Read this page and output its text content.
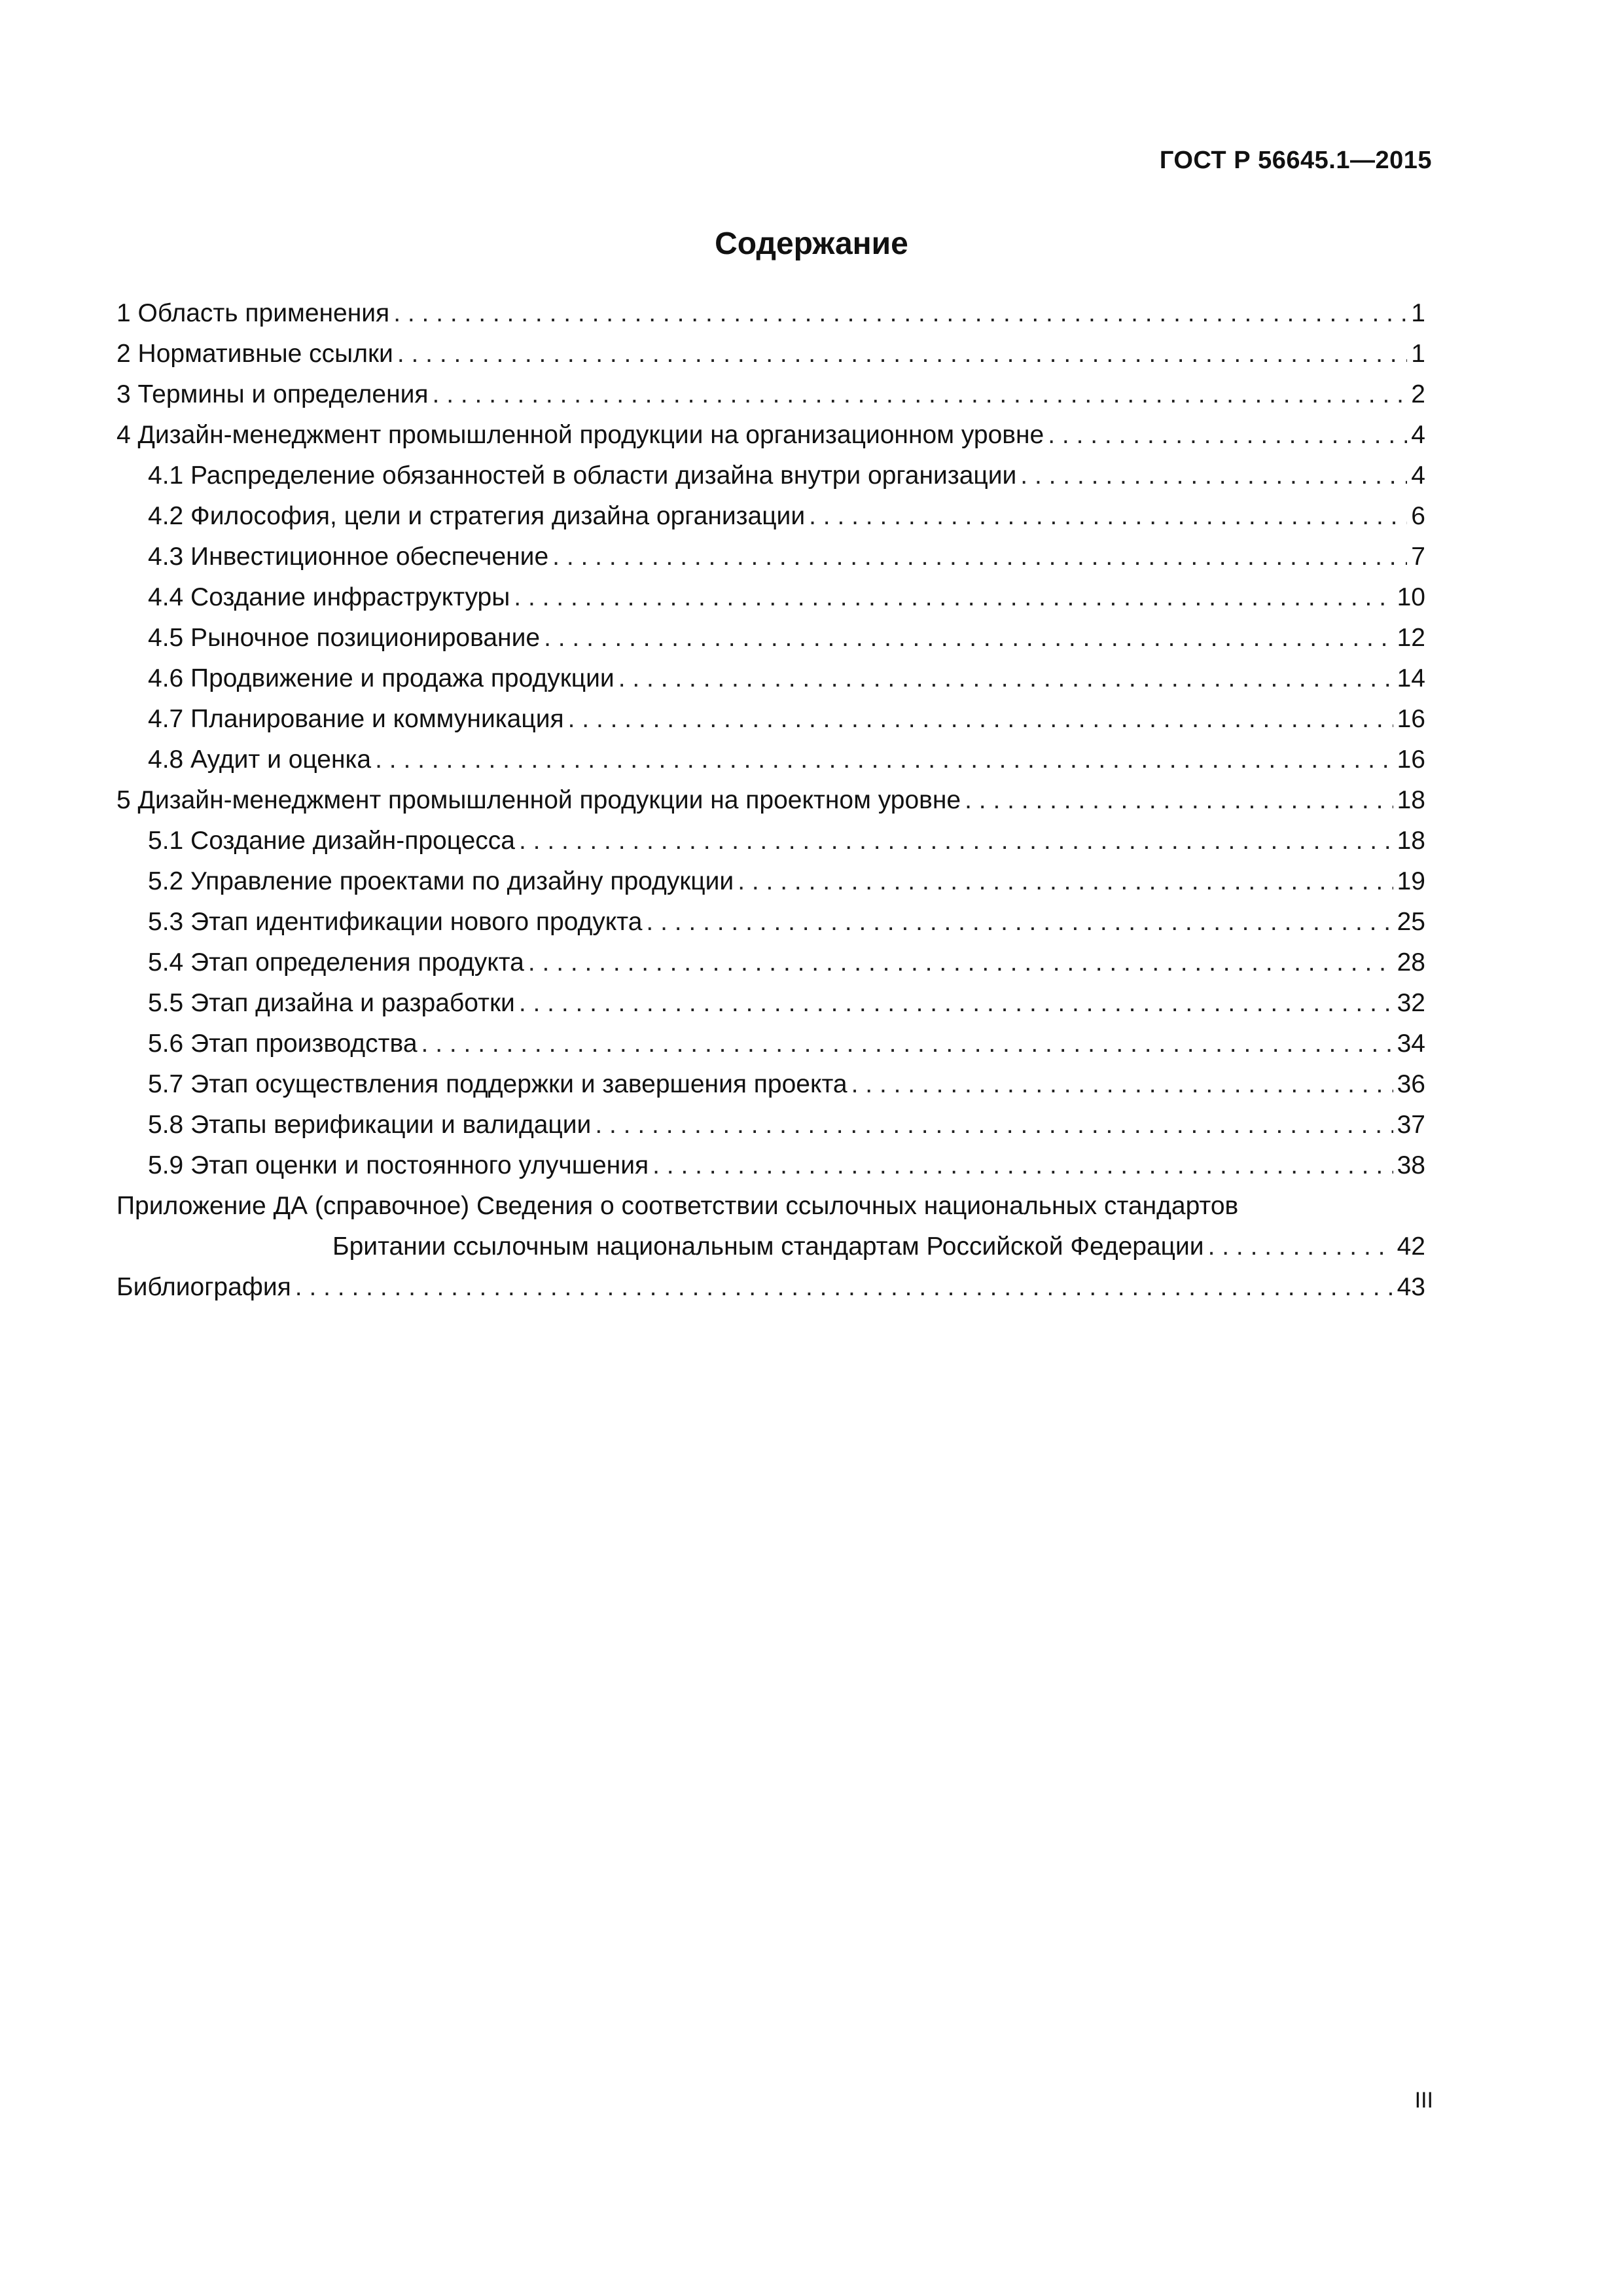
ГОСТ Р 56645.1—2015
Содержание
1 Область применения . . .	1
2 Нормативные ссылки . . .	1
3 Термины и определения . . .	2
4 Дизайн-менеджмент промышленной продукции на организационном уровне . . .	4
4.1 Распределение обязанностей в области дизайна внутри организации . . .	4
4.2 Философия, цели и стратегия дизайна организации . . .	6
4.3 Инвестиционное обеспечение . . .	7
4.4 Создание инфраструктуры . . .	10
4.5 Рыночное позиционирование . . .	12
4.6 Продвижение и продажа продукции . . .	14
4.7 Планирование и коммуникация . . .	16
4.8 Аудит и оценка . . .	16
5 Дизайн-менеджмент промышленной продукции на проектном уровне . . .	18
5.1 Создание дизайн-процесса . . .	18
5.2 Управление проектами по дизайну продукции . . .	19
5.3 Этап идентификации нового продукта . . .	25
5.4 Этап определения продукта . . .	28
5.5 Этап дизайна и разработки . . .	32
5.6 Этап производства . . .	34
5.7 Этап осуществления поддержки и завершения проекта . . .	36
5.8 Этапы верификации и валидации . . .	37
5.9 Этап оценки и постоянного улучшения . . .	38
Приложение ДА (справочное) Сведения о соответствии ссылочных национальных стандартов
Британии ссылочным национальным стандартам Российской Федерации . . .	42
Библиография . . .	43
III
